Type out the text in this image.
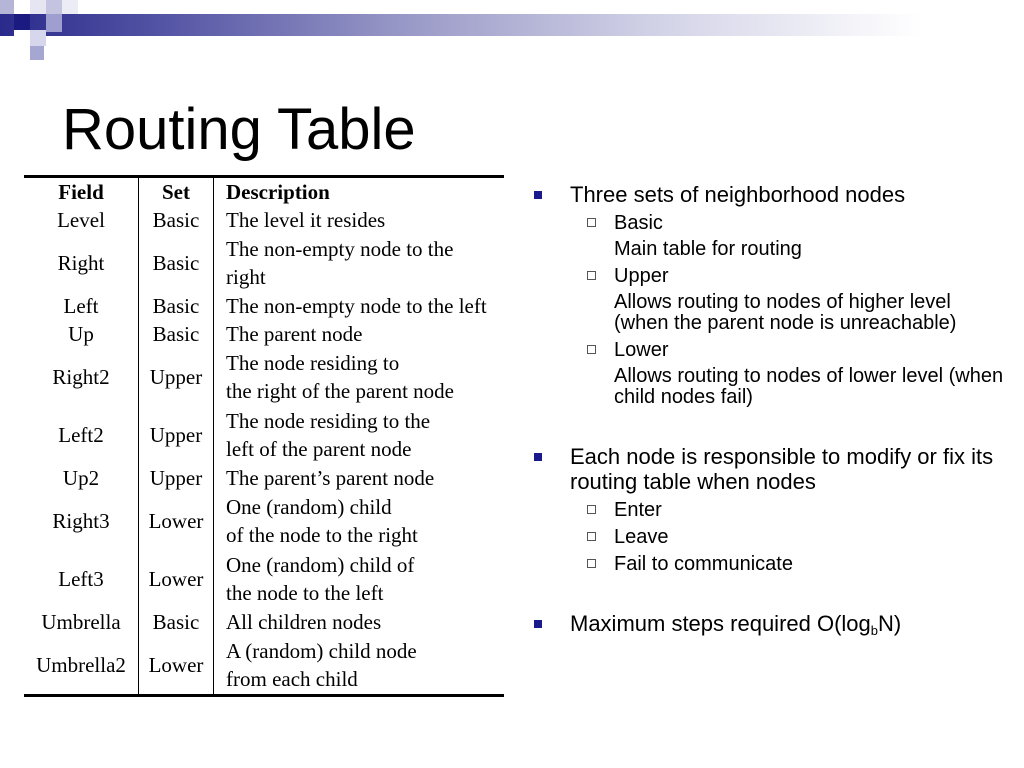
Routing Table
Field	Set	Description
Level	Basic	The level it resides
Right	Basic	The non-empty node to the
right
Left	Basic	The non-empty node to the left
Up	Basic	The parent node
Right2	Upper	The node residing to
the right of the parent node
Left2	Upper	The node residing to the
left of the parent node
Up2	Upper	The parent’s parent node
Right3	Lower	One (random) child
of the node to the right
Left3	Lower	One (random) child of
the node to the left
Umbrella	Basic	All children nodes
Umbrella2	Lower	A (random) child node
from each child
Three sets of neighborhood nodes
Basic
Main table for routing
Upper
Allows routing to nodes of higher level (when the parent node is unreachable)
Lower
Allows routing to nodes of lower level (when child nodes fail)
Each node is responsible to modify or fix its routing table when nodes
Enter
Leave
Fail to communicate
Maximum steps required $O(\log_bN)$
